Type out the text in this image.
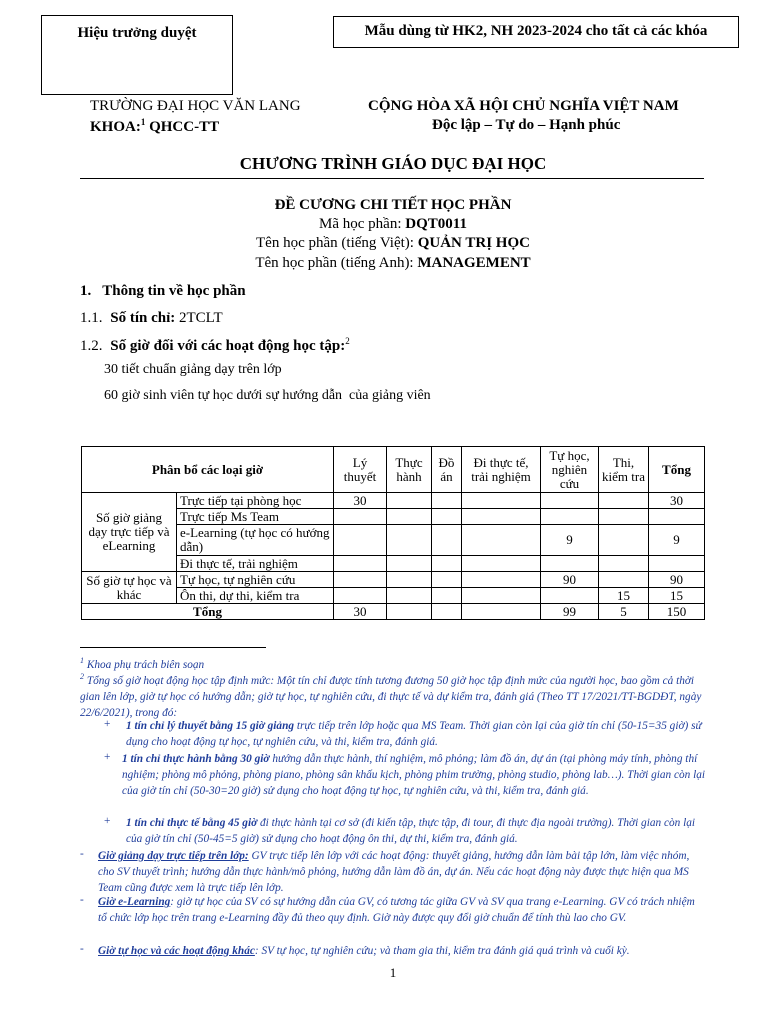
Hiệu trưởng duyệt	Mẫu dùng từ HK2, NH 2023-2024 cho tất cả các khóa
TRƯỜNG ĐẠI HỌC VĂN LANG
KHOA:$^1$ QHCC-TT
CỘNG HÒA XÃ HỘI CHỦ NGHĨA VIỆT NAM
Độc lập – Tự do – Hạnh phúc
CHƯƠNG TRÌNH GIÁO DỤC ĐẠI HỌC
ĐỀ CƯƠNG CHI TIẾT HỌC PHẦN
Mã học phần: DQT0011
Tên học phần (tiếng Việt): QUẢN TRỊ HỌC
Tên học phần (tiếng Anh): MANAGEMENT
1.   Thông tin về học phần
1.1. Số tín chỉ: 2TCLT
1.2. Số giờ đối với các hoạt động học tập:$^2$
30 tiết chuẩn giảng dạy trên lớp
60 giờ sinh viên tự học dưới sự hướng dẫn  của giảng viên
Phân bổ các loại giờ		Lý thuyết	Thực hành	Đồ án	Đi thực tế, trải nghiệm	Tự học, nghiên cứu	Thi, kiểm tra	Tổng
Số giờ giảng dạy trực tiếp và eLearning	Trực tiếp tại phòng học	30						30
	Trực tiếp Ms Team							
	e-Learning (tự học có hướng dẫn)					9		9
	Đi thực tế, trải nghiệm							
Số giờ tự học và khác	Tự học, tự nghiên cứu					90		90
	Ôn thi, dự thi, kiểm tra						15	15
Tổng		30				99	5	150
$^1$ Khoa phụ trách biên soạn
$^2$ Tổng số giờ hoạt động học tập định mức: Một tín chỉ được tính tương đương 50 giờ học tập định mức của người học, bao gồm cả thời gian lên lớp, giờ tự học có hướng dẫn; giờ tự học, tự nghiên cứu, đi thực tế và dự kiểm tra, đánh giá (Theo TT 17/2021/TT-BGDĐT, ngày 22/6/2021), trong đó:
+ 1 tín chỉ lý thuyết bằng 15 giờ giảng trực tiếp trên lớp hoặc qua MS Team. Thời gian còn lại của giờ tín chỉ (50-15=35 giờ) sử dụng cho hoạt động tự học, tự nghiên cứu, và thi, kiểm tra, đánh giá.
+ 1 tín chỉ thực hành bằng 30 giờ hướng dẫn thực hành, thí nghiệm, mô phỏng; làm đồ án, dự án (tại phòng máy tính, phòng thí nghiệm; phòng mô phỏng, phòng piano, phòng sân khấu kịch, phòng phim trường, phòng studio, phòng lab…). Thời gian còn lại của giờ tín chỉ (50-30=20 giờ) sử dụng cho hoạt động tự học, tự nghiên cứu, và thi, kiểm tra, đánh giá.
+ 1 tín chỉ thực tế bằng 45 giờ đi thực hành tại cơ sở (đi kiến tập, thực tập, đi tour, đi thực địa ngoài trường). Thời gian còn lại của giờ tín chỉ (50-45=5 giờ) sử dụng cho hoạt động ôn thi, dự thi, kiểm tra, đánh giá.
- Giờ giảng dạy trực tiếp trên lớp: GV trực tiếp lên lớp với các hoạt động: thuyết giảng, hướng dẫn làm bài tập lớn, làm việc nhóm, cho SV thuyết trình; hướng dẫn thực hành/mô phỏng, hướng dẫn làm đồ án, dự án. Nếu các hoạt động này được thực hiện qua MS Team cũng được xem là trực tiếp lên lớp.
- Giờ e-Learning: giờ tự học của SV có sự hướng dẫn của GV, có tương tác giữa GV và SV qua trang e-Learning. GV có trách nhiệm tổ chức lớp học trên trang e-Learning đầy đủ theo quy định. Giờ này được quy đổi giờ chuẩn để tính thù lao cho GV.
- Giờ tự học và các hoạt động khác: SV tự học, tự nghiên cứu; và tham gia thi, kiểm tra đánh giá quá trình và cuối kỳ.
1
